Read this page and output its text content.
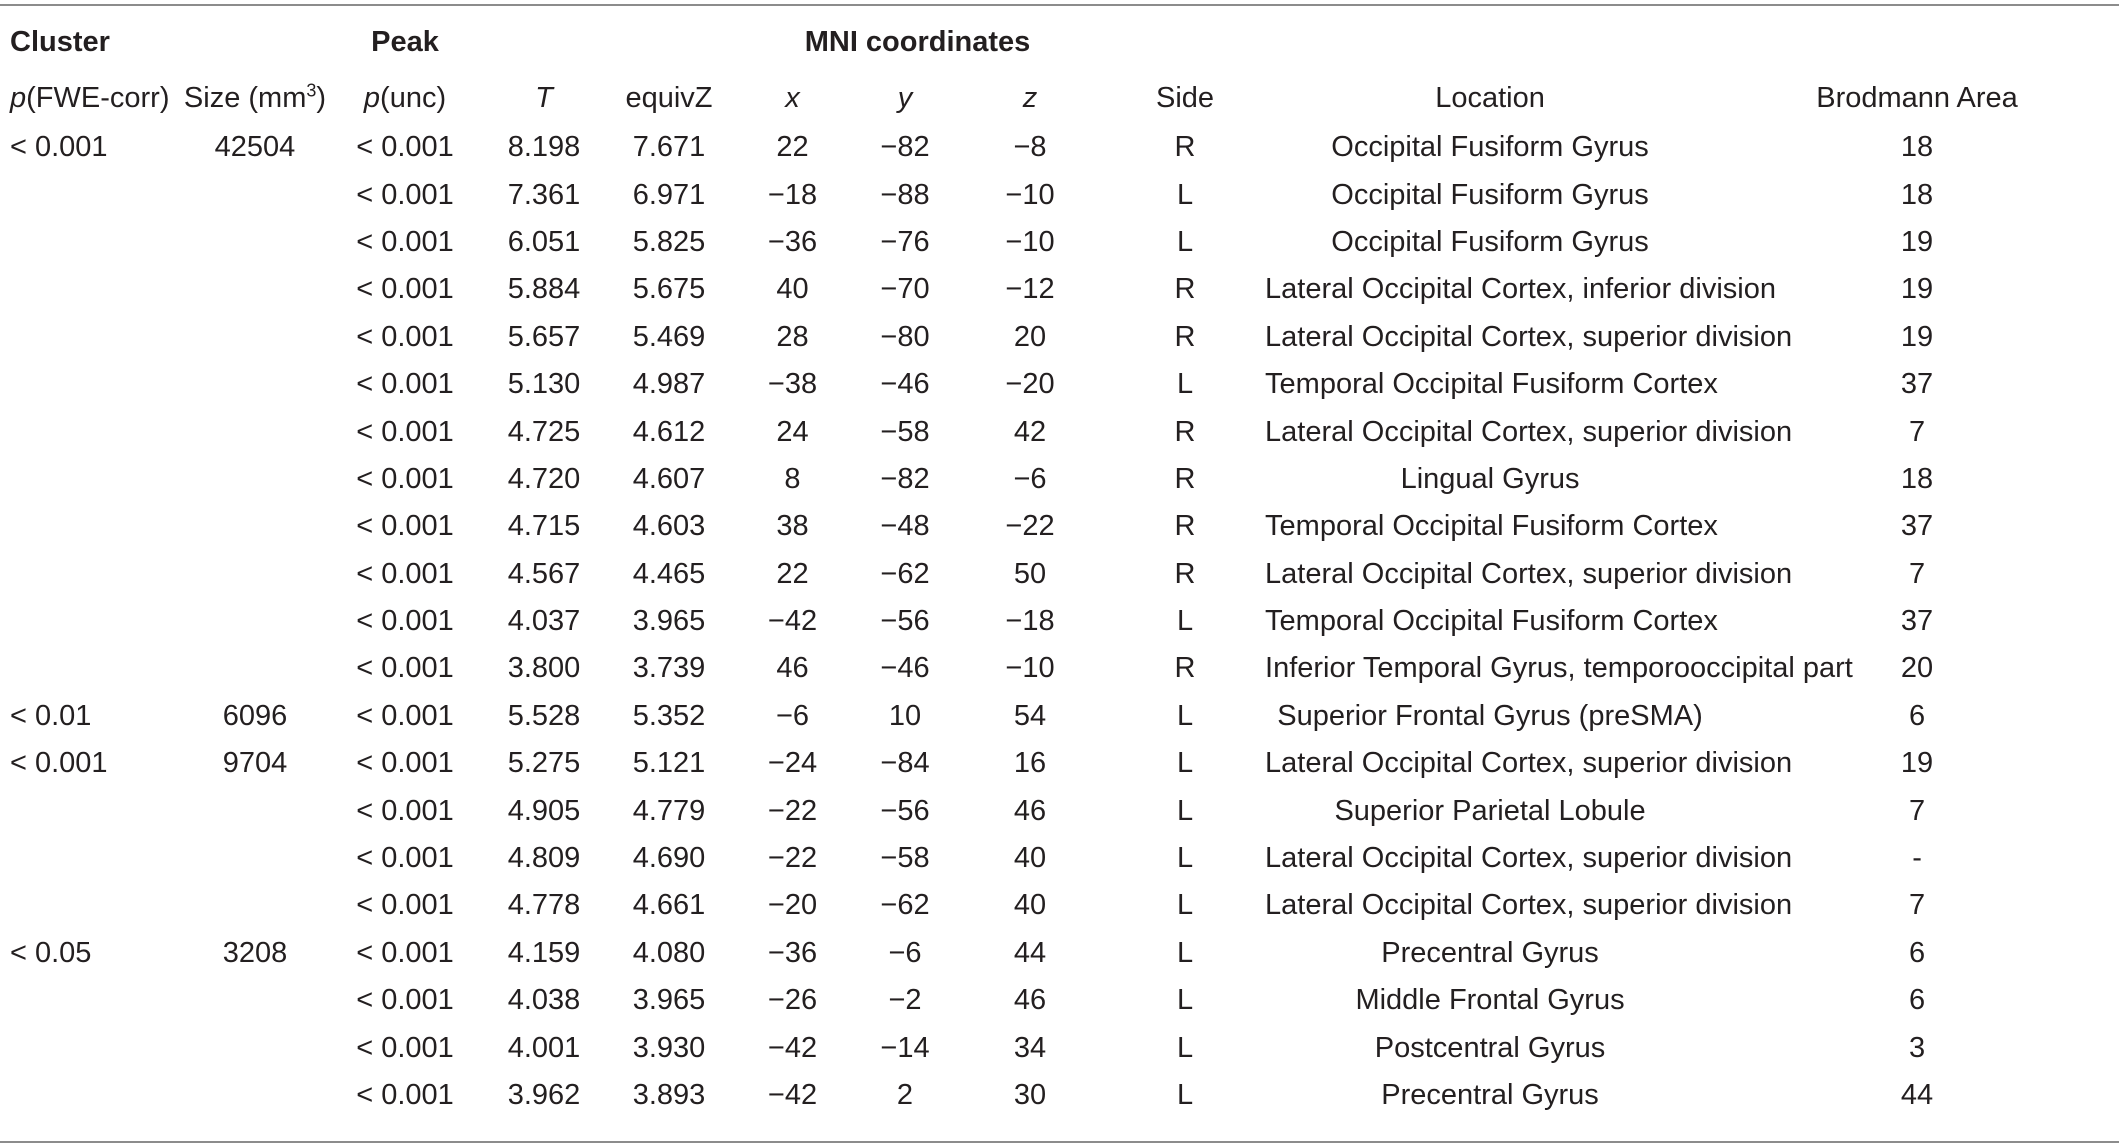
Cluster		Peak			MNI coordinates					
p(FWE-corr)	Size $(mm^3)$	p(unc)	T	equivZ	x	y	z	Side	Location	Brodmann Area
< 0.001	42504	< 0.001	8.198	7.671	22	−82	−8	R	Occipital Fusiform Gyrus	18
		< 0.001	7.361	6.971	−18	−88	−10	L	Occipital Fusiform Gyrus	18
		< 0.001	6.051	5.825	−36	−76	−10	L	Occipital Fusiform Gyrus	19
		< 0.001	5.884	5.675	40	−70	−12	R	Lateral Occipital Cortex, inferior division	19
		< 0.001	5.657	5.469	28	−80	20	R	Lateral Occipital Cortex, superior division	19
		< 0.001	5.130	4.987	−38	−46	−20	L	Temporal Occipital Fusiform Cortex	37
		< 0.001	4.725	4.612	24	−58	42	R	Lateral Occipital Cortex, superior division	7
		< 0.001	4.720	4.607	8	−82	−6	R	Lingual Gyrus	18
		< 0.001	4.715	4.603	38	−48	−22	R	Temporal Occipital Fusiform Cortex	37
		< 0.001	4.567	4.465	22	−62	50	R	Lateral Occipital Cortex, superior division	7
		< 0.001	4.037	3.965	−42	−56	−18	L	Temporal Occipital Fusiform Cortex	37
		< 0.001	3.800	3.739	46	−46	−10	R	Inferior Temporal Gyrus, temporooccipital part	20
< 0.01	6096	< 0.001	5.528	5.352	−6	10	54	L	Superior Frontal Gyrus (preSMA)	6
< 0.001	9704	< 0.001	5.275	5.121	−24	−84	16	L	Lateral Occipital Cortex, superior division	19
		< 0.001	4.905	4.779	−22	−56	46	L	Superior Parietal Lobule	7
		< 0.001	4.809	4.690	−22	−58	40	L	Lateral Occipital Cortex, superior division	-
		< 0.001	4.778	4.661	−20	−62	40	L	Lateral Occipital Cortex, superior division	7
< 0.05	3208	< 0.001	4.159	4.080	−36	−6	44	L	Precentral Gyrus	6
		< 0.001	4.038	3.965	−26	−2	46	L	Middle Frontal Gyrus	6
		< 0.001	4.001	3.930	−42	−14	34	L	Postcentral Gyrus	3
		< 0.001	3.962	3.893	−42	2	30	L	Precentral Gyrus	44
